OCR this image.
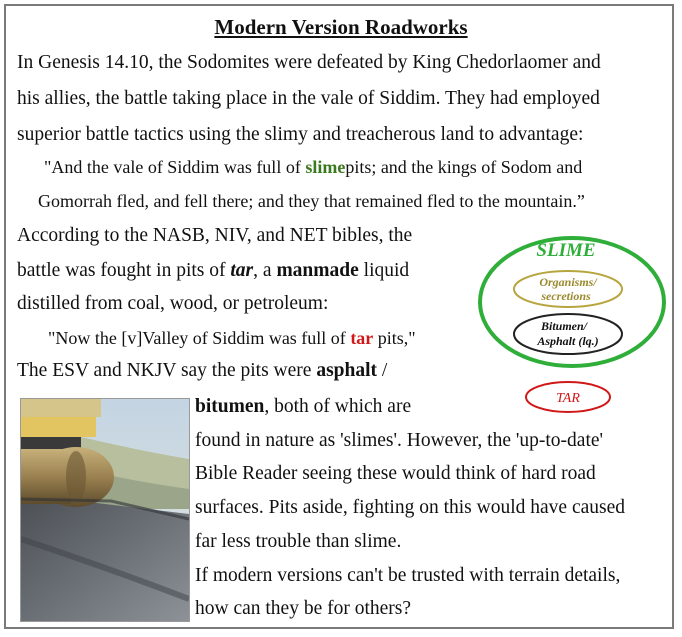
Modern Version Roadworks
In Genesis 14.10, the Sodomites were defeated by King Chedorlaomer and
his allies, the battle taking place in the vale of Siddim. They had employed
superior battle tactics using the slimy and treacherous land to advantage:
"And the vale of Siddim was full of slimepits; and the kings of Sodom and
Gomorrah fled, and fell there; and they that remained fled to the mountain.”
According to the NASB, NIV, and NET bibles, the
battle was fought in pits of tar, a manmade liquid
distilled from coal, wood, or petroleum:
"Now the [v]Valley of Siddim was full of tar pits,"
The ESV and NKJV say the pits were asphalt /
bitumen, both of which are
found in nature as 'slimes'. However, the 'up-to-date'
Bible Reader seeing these would think of hard road
surfaces. Pits aside, fighting on this would have caused
far less trouble than slime.
If modern versions can't be trusted with terrain details,
how can they be for others?
SLIME
Organisms/
secretions
Bitumen/
Asphalt (lq.)
TAR
